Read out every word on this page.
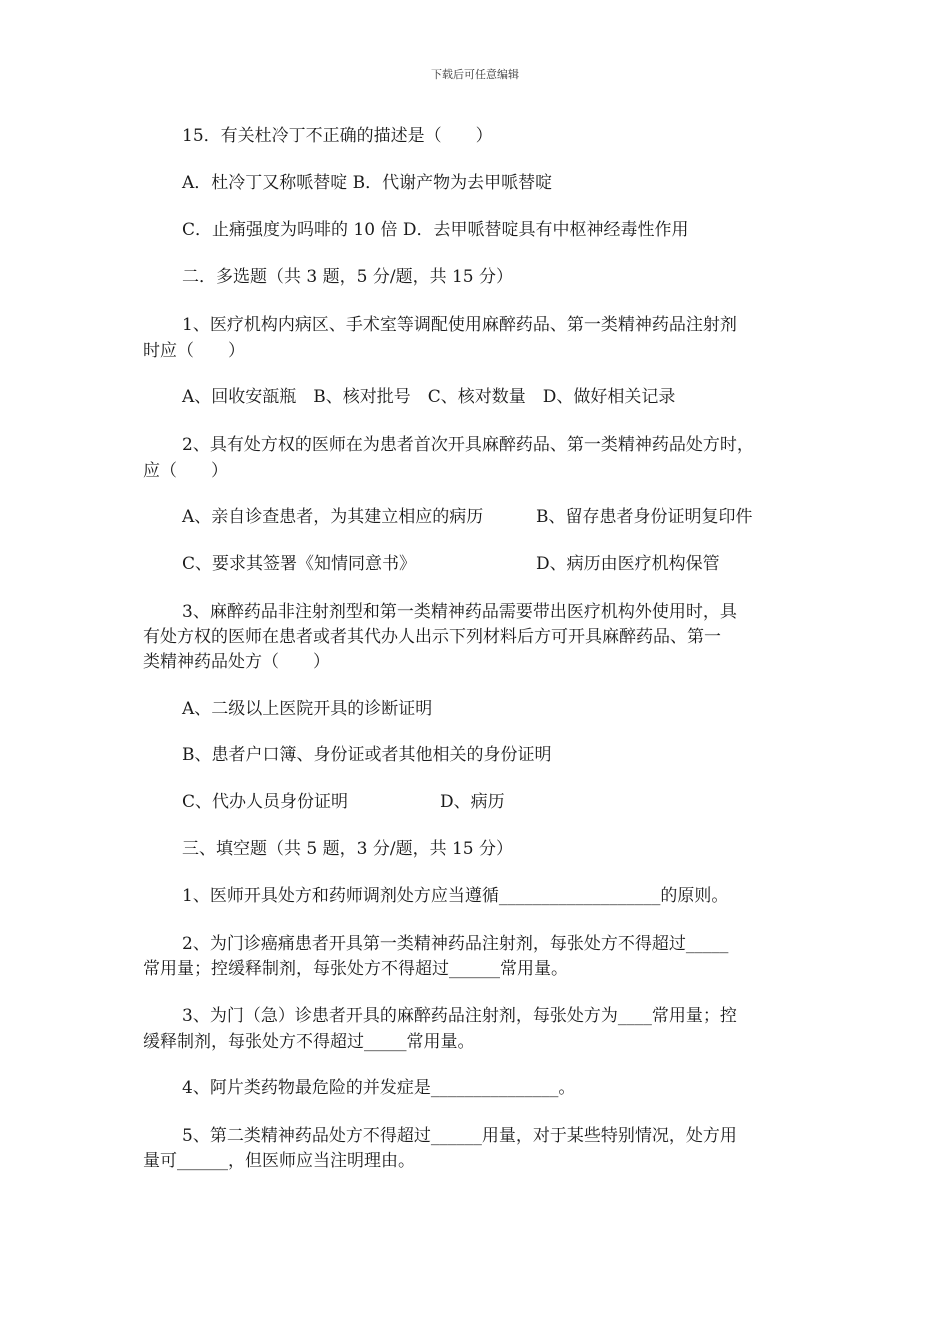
下载后可任意编辑
15．有关杜冷丁不正确的描述是（　　）
A．杜冷丁又称哌替啶 B．代谢产物为去甲哌替啶
C．止痛强度为吗啡的 10 倍 D．去甲哌替啶具有中枢神经毒性作用
二．多选题（共 3 题，5 分/题，共 15 分）
1、医疗机构内病区、手术室等调配使用麻醉药品、第一类精神药品注射剂
时应（　　）
A、回收安瓿瓶　B、核对批号　C、核对数量　D、做好相关记录
2、具有处方权的医师在为患者首次开具麻醉药品、第一类精神药品处方时，
应（　　）
A、亲自诊查患者，为其建立相应的病历	B、留存患者身份证明复印件
C、要求其签署《知情同意书》	D、病历由医疗机构保管
3、麻醉药品非注射剂型和第一类精神药品需要带出医疗机构外使用时，具
有处方权的医师在患者或者其代办人出示下列材料后方可开具麻醉药品、第一
类精神药品处方（　　）
A、二级以上医院开具的诊断证明
B、患者户口簿、身份证或者其他相关的身份证明
C、代办人员身份证明	D、病历
三、填空题（共 5 题，3 分/题，共 15 分）
1、医师开具处方和药师调剂处方应当遵循___________________的原则。
2、为门诊癌痛患者开具第一类精神药品注射剂，每张处方不得超过_____
常用量；控缓释制剂，每张处方不得超过______常用量。
3、为门（急）诊患者开具的麻醉药品注射剂，每张处方为____常用量；控
缓释制剂，每张处方不得超过_____常用量。
4、阿片类药物最危险的并发症是_______________。
5、第二类精神药品处方不得超过______用量，对于某些特别情况，处方用
量可______，但医师应当注明理由。
